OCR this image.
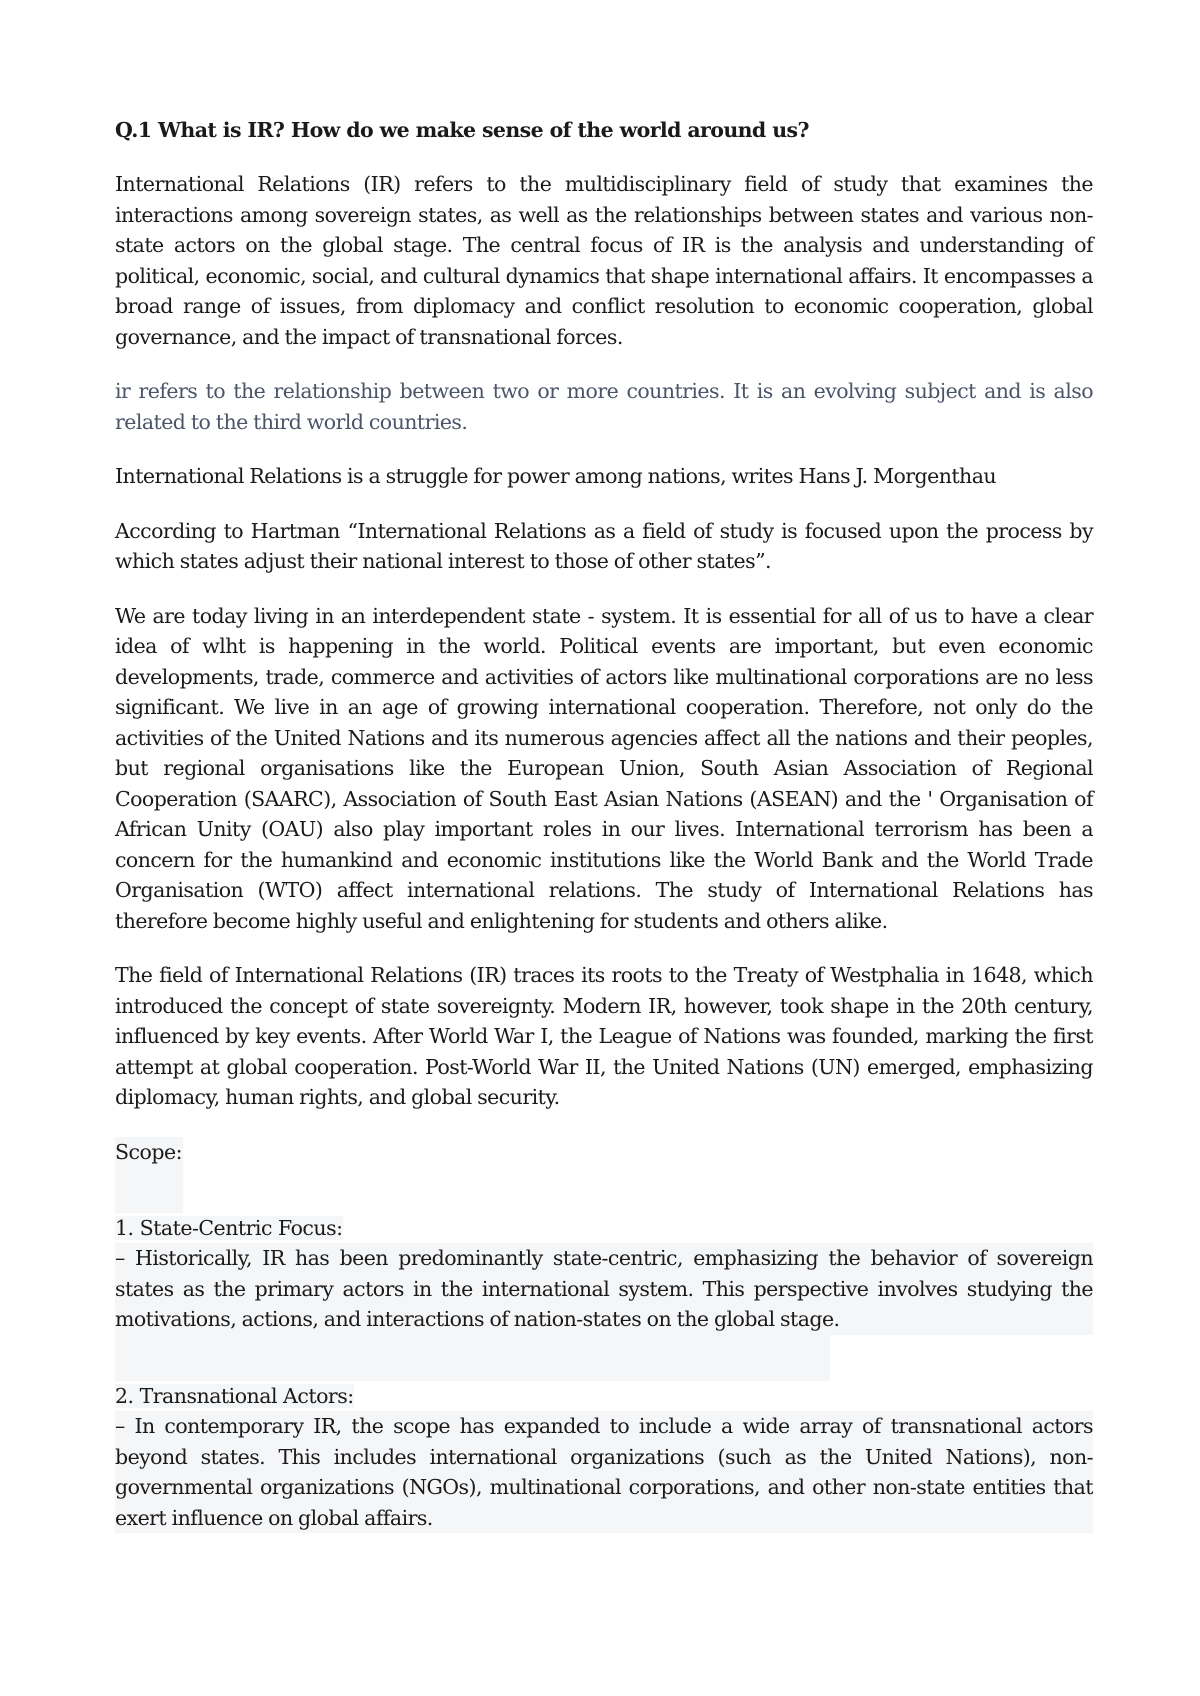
Q.1 What is IR? How do we make sense of the world around us?

International Relations (IR) refers to the multidisciplinary field of study that examines the interactions among sovereign states, as well as the relationships between states and various non-state actors on the global stage. The central focus of IR is the analysis and understanding of political, economic, social, and cultural dynamics that shape international affairs. It encompasses a broad range of issues, from diplomacy and conflict resolution to economic cooperation, global governance, and the impact of transnational forces.

ir refers to the relationship between two or more countries. It is an evolving subject and is also related to the third world countries.

International Relations is a struggle for power among nations, writes Hans J. Morgenthau

According to Hartman “International Relations as a field of study is focused upon the process by which states adjust their national interest to those of other states”.

We are today living in an interdependent state - system. It is essential for all of us to have a clear idea of wlht is happening in the world. Political events are important, but even economic developments, trade, commerce and activities of actors like multinational corporations are no less significant. We live in an age of growing international cooperation. Therefore, not only do the activities of the United Nations and its numerous agencies affect all the nations and their peoples, but regional organisations like the European Union, South Asian Association of Regional Cooperation (SAARC), Association of South East Asian Nations (ASEAN) and the ' Organisation of African Unity (OAU) also play important roles in our lives. International terrorism has been a concern for the humankind and economic institutions like the World Bank and the World Trade Organisation (WTO) affect international relations. The study of International Relations has therefore become highly useful and enlightening for students and others alike.

The field of International Relations (IR) traces its roots to the Treaty of Westphalia in 1648, which introduced the concept of state sovereignty. Modern IR, however, took shape in the 20th century, influenced by key events. After World War I, the League of Nations was founded, marking the first attempt at global cooperation. Post-World War II, the United Nations (UN) emerged, emphasizing diplomacy, human rights, and global security.

Scope:

1. State-Centric Focus:

– Historically, IR has been predominantly state-centric, emphasizing the behavior of sovereign states as the primary actors in the international system. This perspective involves studying the motivations, actions, and interactions of nation-states on the global stage.

2. Transnational Actors:

– In contemporary IR, the scope has expanded to include a wide array of transnational actors beyond states. This includes international organizations (such as the United Nations), non-governmental organizations (NGOs), multinational corporations, and other non-state entities that exert influence on global affairs.
